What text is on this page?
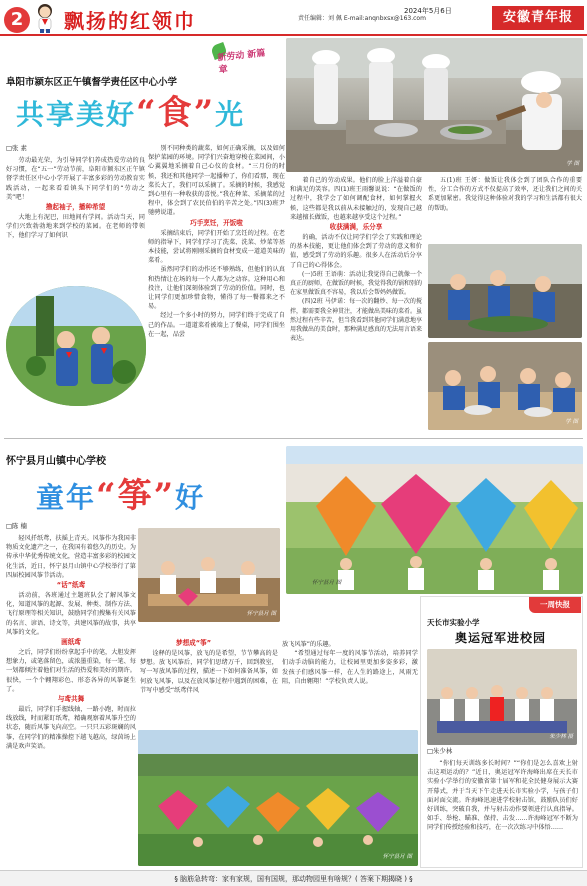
2	飘扬的红领巾	责任编辑：刘 佩 E-mail:anqnbxsx@163.com
2024年5月6日	安徽青年报
阜阳市颍东区正午镇督学责任区中心小学
新劳动 新篇章
共享美好“食”光
学 图
□张 素

劳动最光荣，为引导同学们养成热爱劳动的良好习惯，在“五一”劳动节前，阜阳市颍东区正午镇督学责任区中心小学开展了丰富多彩的劳动教育实践活动，一起来看看镇头下同学们的“劳动之美”吧！

撸起袖子，播种希望

大地上有泥巴，田地间有学问。活动当天，同学们兴致勃勃地来到学校的菜园。在老师的带领下，他们学习了如何识

别不同种类的蔬菜，如何正确采摘，以及如何保护菜园的环境。同学们兴奋地穿梭在菜园间，小心翼翼地采摘着自己心仪的食材。“三月份的时候，我还和其他同学一起播种了，你们看那，现在菜长大了，我们可以采摘了。采摘的时候，我感觉到心里有一种收获的喜悦。”我在种菜、采摘菜的过程中，体会到了农民伯伯的辛苦之处。”四(3)班尹驰骋说道。

巧手烹饪，开饭啦

采摘结束后，同学们开始了烹饪的过程。在老师的指导下，同学们学习了洗菜、洗菜、炒菜等基本技能，尝试将刚刚采摘的食材变成一道道美味的菜肴。

虽然同学们的动作还不够熟练，但他们的认真和热情让在场的每一个人都为之动容。这种用心和投注，让他们深刻体验到了劳动的价值。同时，也让同学们更加珍惜食物，懂得了每一餐都来之不易。

经过一个多小时的努力，同学们终于完成了自己的作品。一道道菜肴被端上了餐桌，同学们围坐在一起，品尝

着自己的劳动成果。他们的脸上洋溢着自豪和满足的笑容。四(1)班王雨馨说说：“在做饭的过程中，我学会了如何调配食材，如何掌握火候，这些都是我以前从未接触过的，发现自己越来越擅长做饭，也越来越享受这个过程。”

收获满满，乐分享

的确，活动不仅让同学们学会了实践和理论的基本技能，更让他们体会到了劳动的意义和价值，感受到了劳动的乐趣。很多人在活动后分享了自己的心得体会。

(一)5班 王语萌：活动让我觉得自己就像一个真正的厨师，在做饭的时候，我觉得我的锅和别的在家里做饭真不容易，我以后会帮妈妈做饭。

(四)2班 马伊诺：每一次的翻炒、每一次的搅拌，都需要我全神贯注，才能做出美味的菜肴。虽然过程有些辛苦，但当我看到其他同学们满意地享用我做出的美食时，那种满足感真的无法用言语来表达。

五(1)班 王妍：做饭让我体会到了团队合作的重要性，分工合作的方式不仅提高了效率，还让我们之间的关系更加紧密。我觉得这种体验对我的学习和生活都有很大的帮助。

学 图
怀宁县月山镇中心学校
童年“筝”好
怀宁县月 图
□陈 楠

轻风扦纸鸢，扶摇上青天。风筝作为我国非物质文化遗产之一，在我国有着悠久的历史。为传承中华优秀传统文化，营造丰富多彩的校园文化生活，近日，怀宁县月山镇中心学校举行了第四届校园风筝节活动。

“话”纸鸢

活动前，各班通过主题班队会了解风筝文化，知道风筝的起源、发展、种类、制作方法、飞行原理等相关知识，鼓励同学们搜集有关风筝的名言、谚语、诗文等，共建风筝的故事，共享风筝的文化。

画纸鸢

之后，同学们纷纷拿起手中的笔，大胆发挥想象力，或笔落留色，或浓墨重染，每一笔、每一划都倾注着他们对生活的热爱和美好的期许。很快，一个个翱翔彩色、形态各异的风筝诞生了。

与鸢共舞

最后，同学们手握线轴，一路小跑，时而拉线放线，时而紧盯纸鸢，精确观察着风筝升空的状态，随后风筝飞向高空。一只只五彩斑斓的风筝，在同学们的精准操控下越飞越高，绿茵场上满是欢声笑语。

怀宁县月 图
梦想成“筝”

诠释的是风筝，放飞的是希望，节节攀高的是梦想。放飞风筝后，同学们思绪万千，回到教室，写一写放风筝的过程，描述一下如何准备风筝，如何放飞风筝，以及在放风筝过程中遇到的困难，在节写中感受“纸鸢伴风

放飞风筝”的乐趣。

“希望通过每年一度的风筝节活动，培养同学们动手动脑的能力，让校园里更加多姿多彩，激发孩子们感风筝一样，在人生的路途上，风雨无阻，自由翱翔！”学校负责人说。

怀宁县月 图
一周快报
天长市实验小学
奥运冠军进校园
朱少林 摄
□朱少林

“你们每天训练多长时间？”“你们是怎么喜欢上射击这项运动的？”近日，奥运冠军许海峰出席在天长市实验小学举行的安徽省第十届军和花全民健身展示大赛开幕式，并于当天下午走进天长市实验小学，与孩子们面对面交流。许海峰迅速进学校射击馆，鼓励队员们好好训练，突破自我，并与射击动作要领进行认真指导。如手、举枪、瞄准、保持、击发……许海峰冠军不断为同学们传授经验和技巧，在一次次练习中体悟……

§ 脑筋急转弯：家有家规，国有国规，那动物园里有啥规？( 答案下期揭晓 ) §
